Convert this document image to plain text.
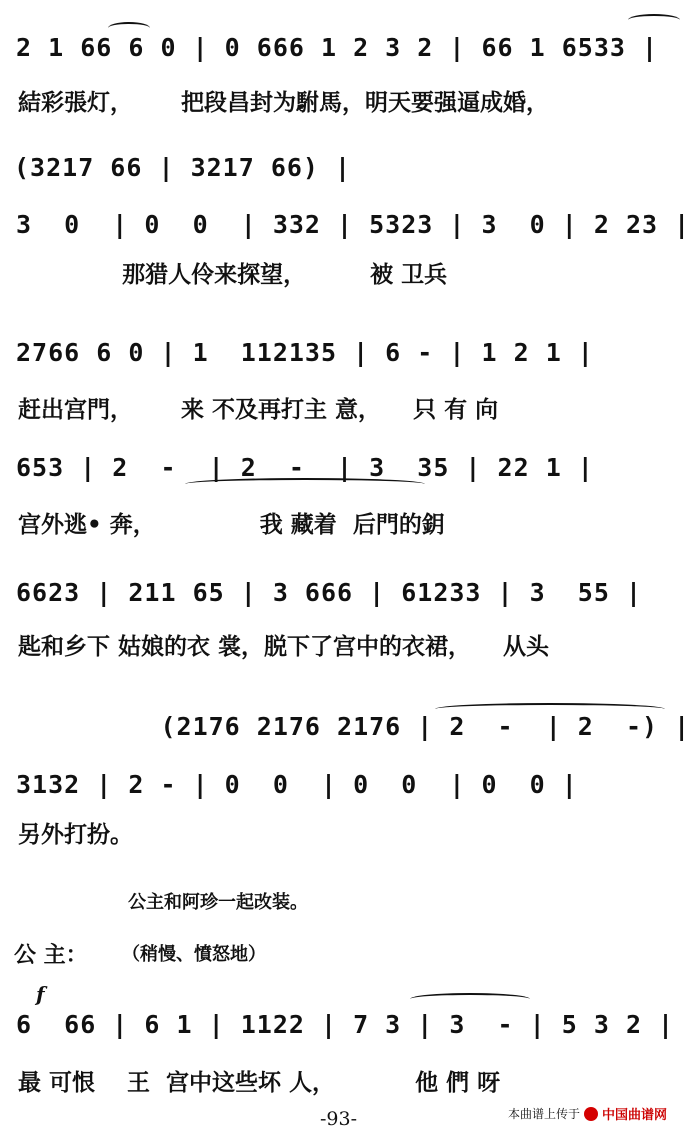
2 1 66 6 0 | 0 666 1 2 3 2 | 66 1 6533 |
結彩張灯，      把段昌封为駙馬，明天要强逼成婚，
(3217 66 | 3217 66) |
3  0  | 0  0  | 332 | 5323 | 3  0 | 2 23 |
那猎人伶来探望，        被 卫兵
2766 6 0 | 1  112135 | 6 - | 1 2 1 |
赶出宫門，      来 不及再打主 意，    只 有 向
653 | 2  -  | 2  -  | 3  35 | 22 1 |
宫外逃• 奔，             我 藏着  后門的鈅
6623 | 211 65 | 3 666 | 61233 | 3  55 |
匙和乡下 姑娘的衣 裳，脱下了宫中的衣裙，    从头
(2176 2176 2176 | 2  -  | 2  -) |
3132 | 2 - | 0  0  | 0  0  | 0  0 |
另外打扮。
公主和阿珍一起改装。
公 主： （稍慢、憤怒地）
f
6  66 | 6 1 | 1122 | 7 3 | 3  - | 5 3 2 |
最 可恨    王  宫中这些坏 人，          他 們 呀
-93-	本曲谱上传于 中国曲谱网
